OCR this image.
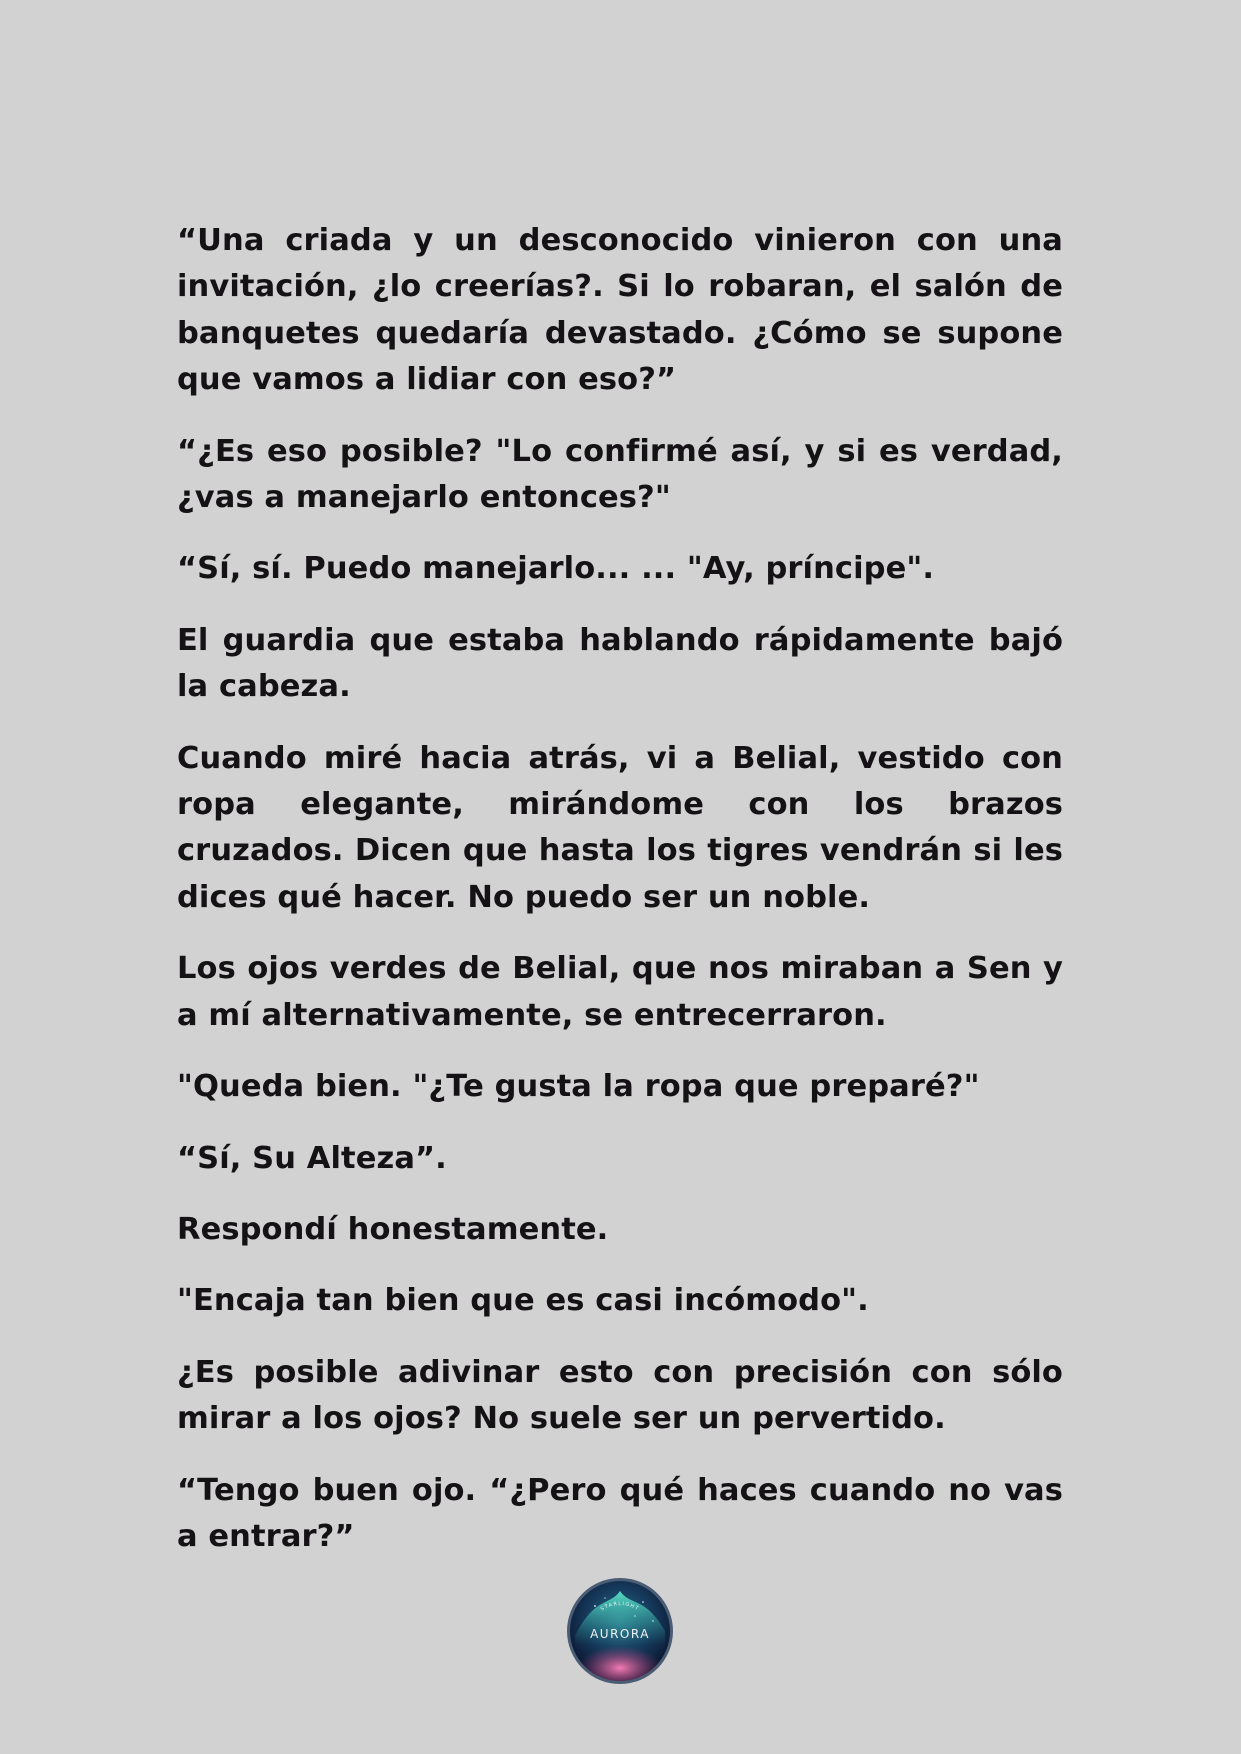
“Una criada y un desconocido vinieron con una invitación, ¿lo creerías?. Si lo robaran, el salón de banquetes quedaría devastado. ¿Cómo se supone que vamos a lidiar con eso?”

“¿Es eso posible? "Lo confirmé así, y si es verdad, ¿vas a manejarlo entonces?"

“Sí, sí. Puedo manejarlo... ... "Ay, príncipe".

El guardia que estaba hablando rápidamente bajó la cabeza.

Cuando miré hacia atrás, vi a Belial, vestido con ropa elegante, mirándome con los brazos cruzados. Dicen que hasta los tigres vendrán si les dices qué hacer. No puedo ser un noble.

Los ojos verdes de Belial, que nos miraban a Sen y a mí alternativamente, se entrecerraron.

"Queda bien. "¿Te gusta la ropa que preparé?"

“Sí, Su Alteza”.

Respondí honestamente.

"Encaja tan bien que es casi incómodo".

¿Es posible adivinar esto con precisión con sólo mirar a los ojos? No suele ser un pervertido.

“Tengo buen ojo. “¿Pero qué haces cuando no vas a entrar?”

STARLIGHT
AURORA
